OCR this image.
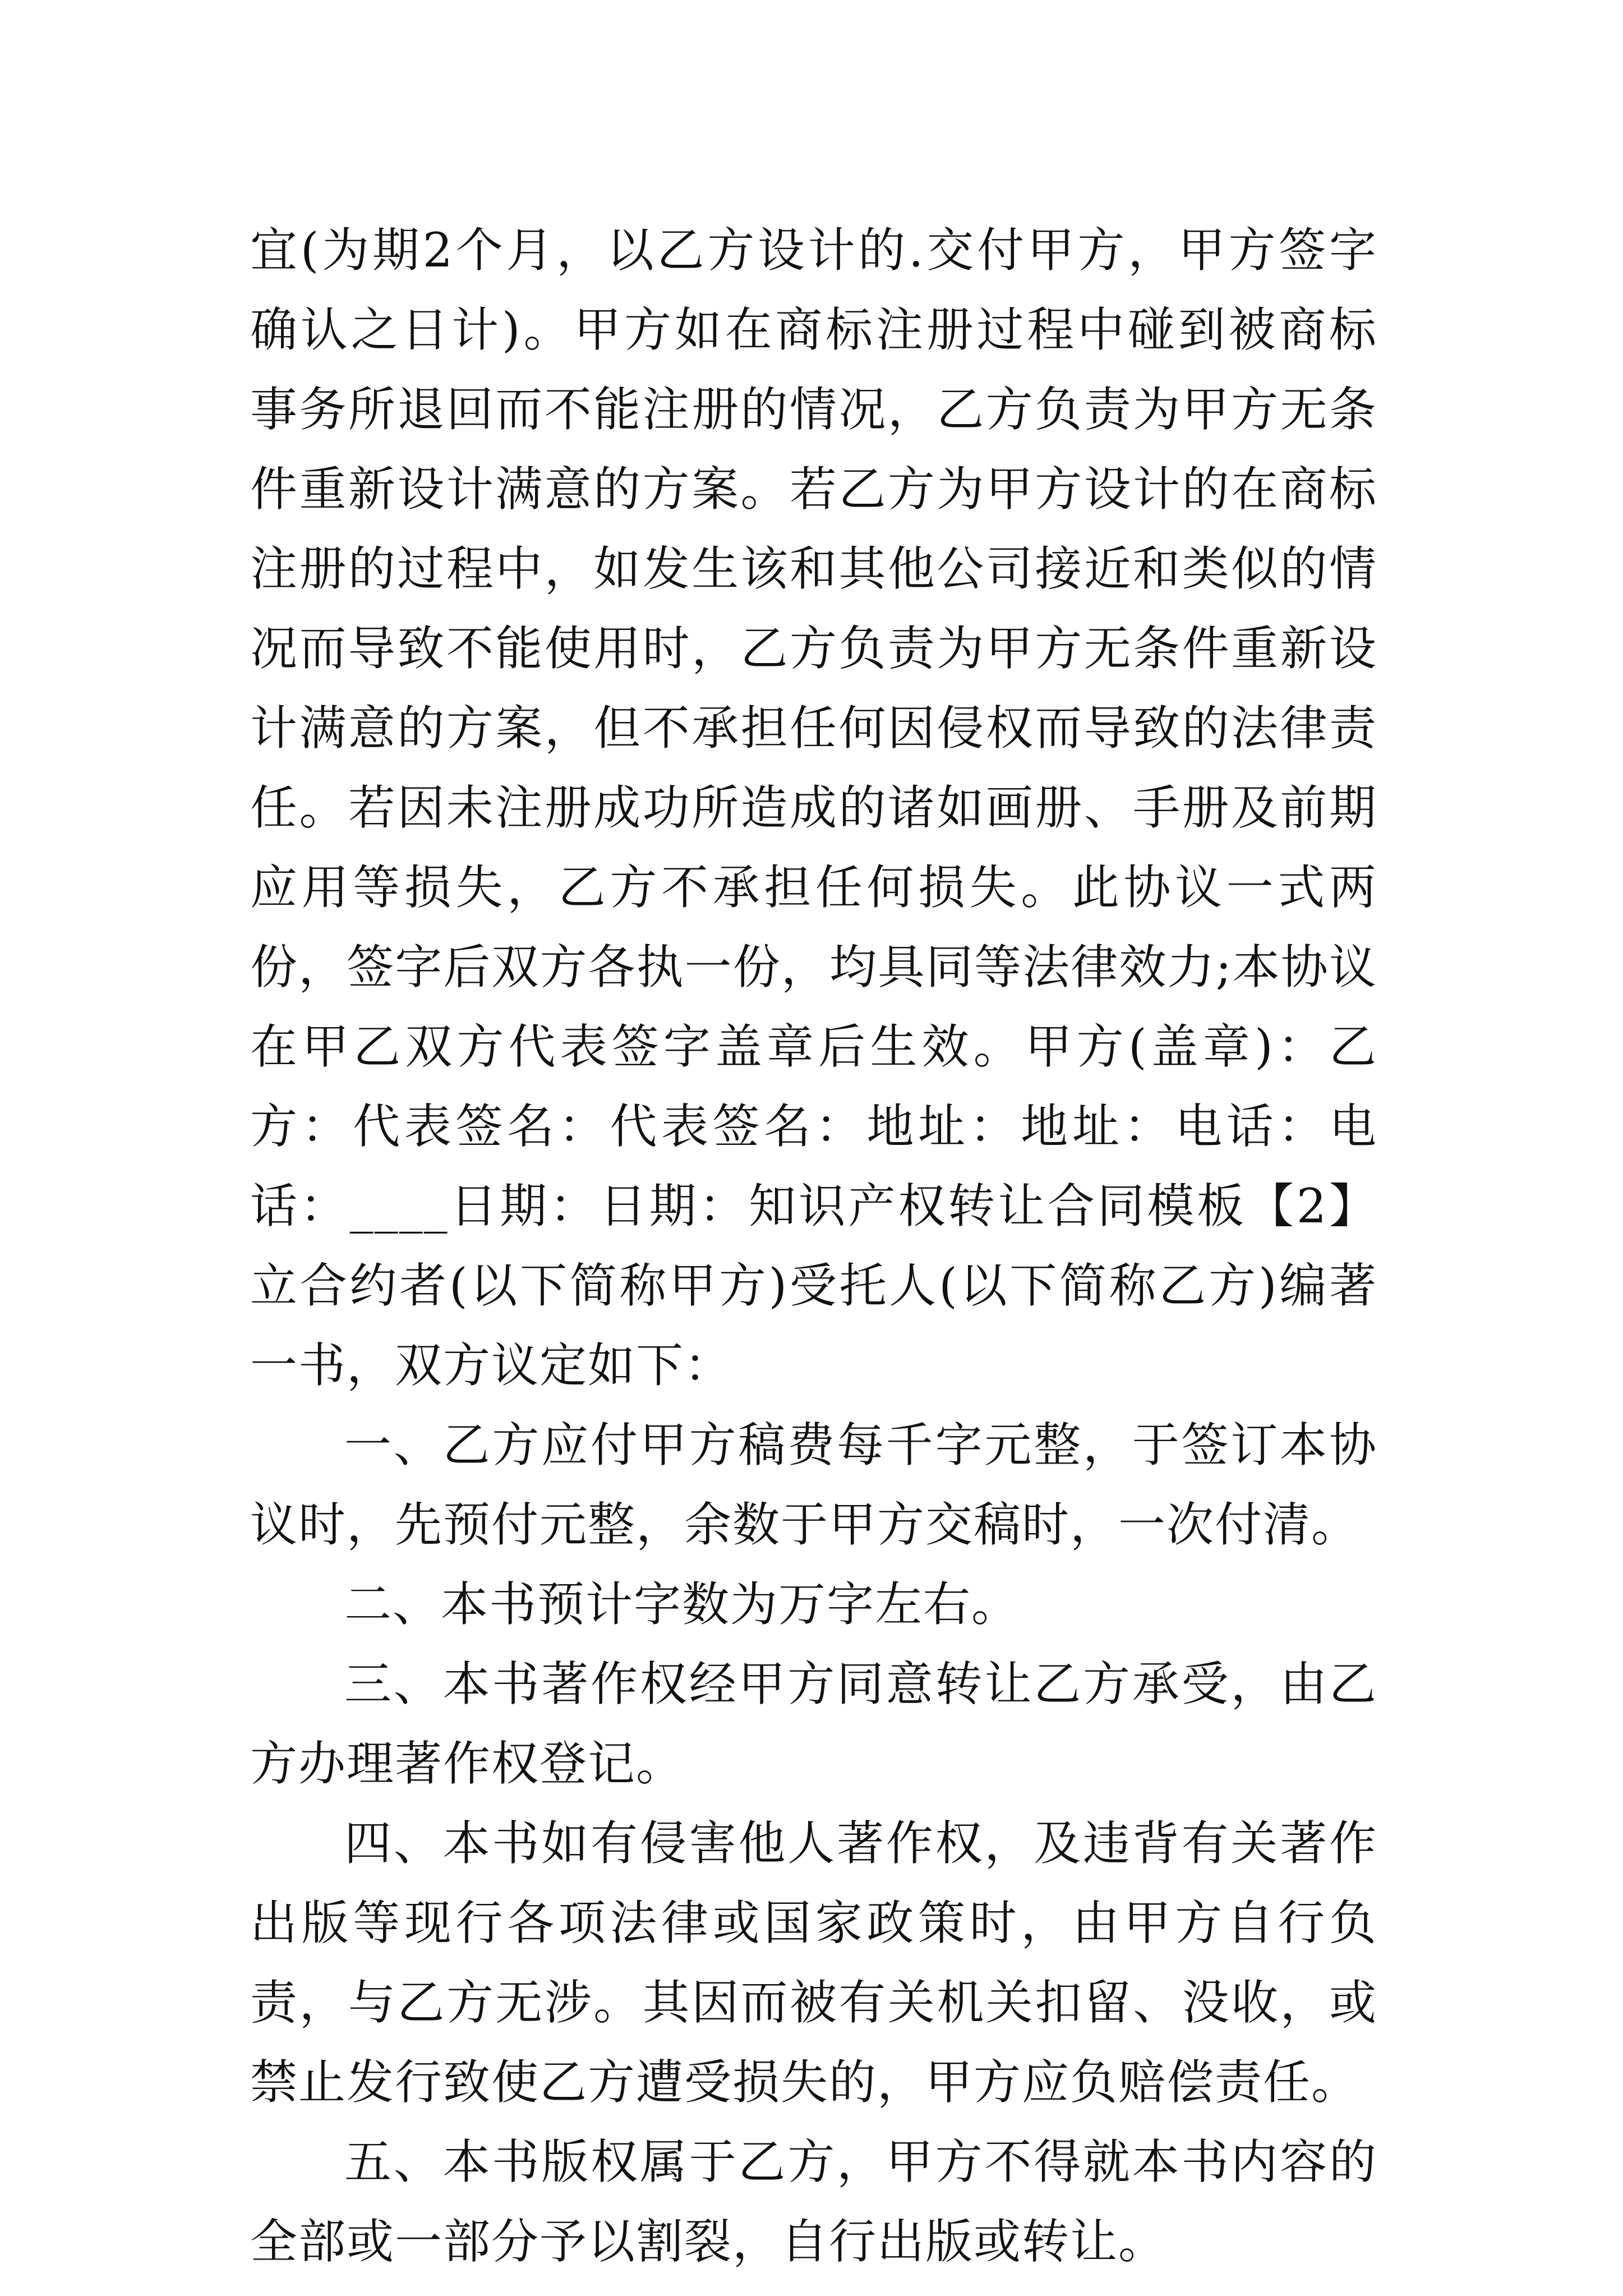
宜(为期2个月，以乙方设计的.交付甲方，甲方签字确认之日计)。甲方如在商标注册过程中碰到被商标事务所退回而不能注册的情况，乙方负责为甲方无条件重新设计满意的方案。若乙方为甲方设计的在商标注册的过程中，如发生该和其他公司接近和类似的情况而导致不能使用时，乙方负责为甲方无条件重新设计满意的方案，但不承担任何因侵权而导致的法律责任。若因未注册成功所造成的诸如画册、手册及前期应用等损失，乙方不承担任何损失。此协议一式两份，签字后双方各执一份，均具同等法律效力;本协议在甲乙双方代表签字盖章后生效。甲方(盖章)：乙方：代表签名：代表签名：地址：地址：电话：电话：____日期：日期：知识产权转让合同模板【2】立合约者(以下简称甲方)受托人(以下简称乙方)编著一书，双方议定如下：

一、乙方应付甲方稿费每千字元整，于签订本协议时，先预付元整，余数于甲方交稿时，一次付清。

二、本书预计字数为万字左右。

三、本书著作权经甲方同意转让乙方承受，由乙方办理著作权登记。

四、本书如有侵害他人著作权，及违背有关著作出版等现行各项法律或国家政策时，由甲方自行负责，与乙方无涉。其因而被有关机关扣留、没收，或禁止发行致使乙方遭受损失的，甲方应负赔偿责任。

五、本书版权属于乙方，甲方不得就本书内容的全部或一部分予以割裂，自行出版或转让。
